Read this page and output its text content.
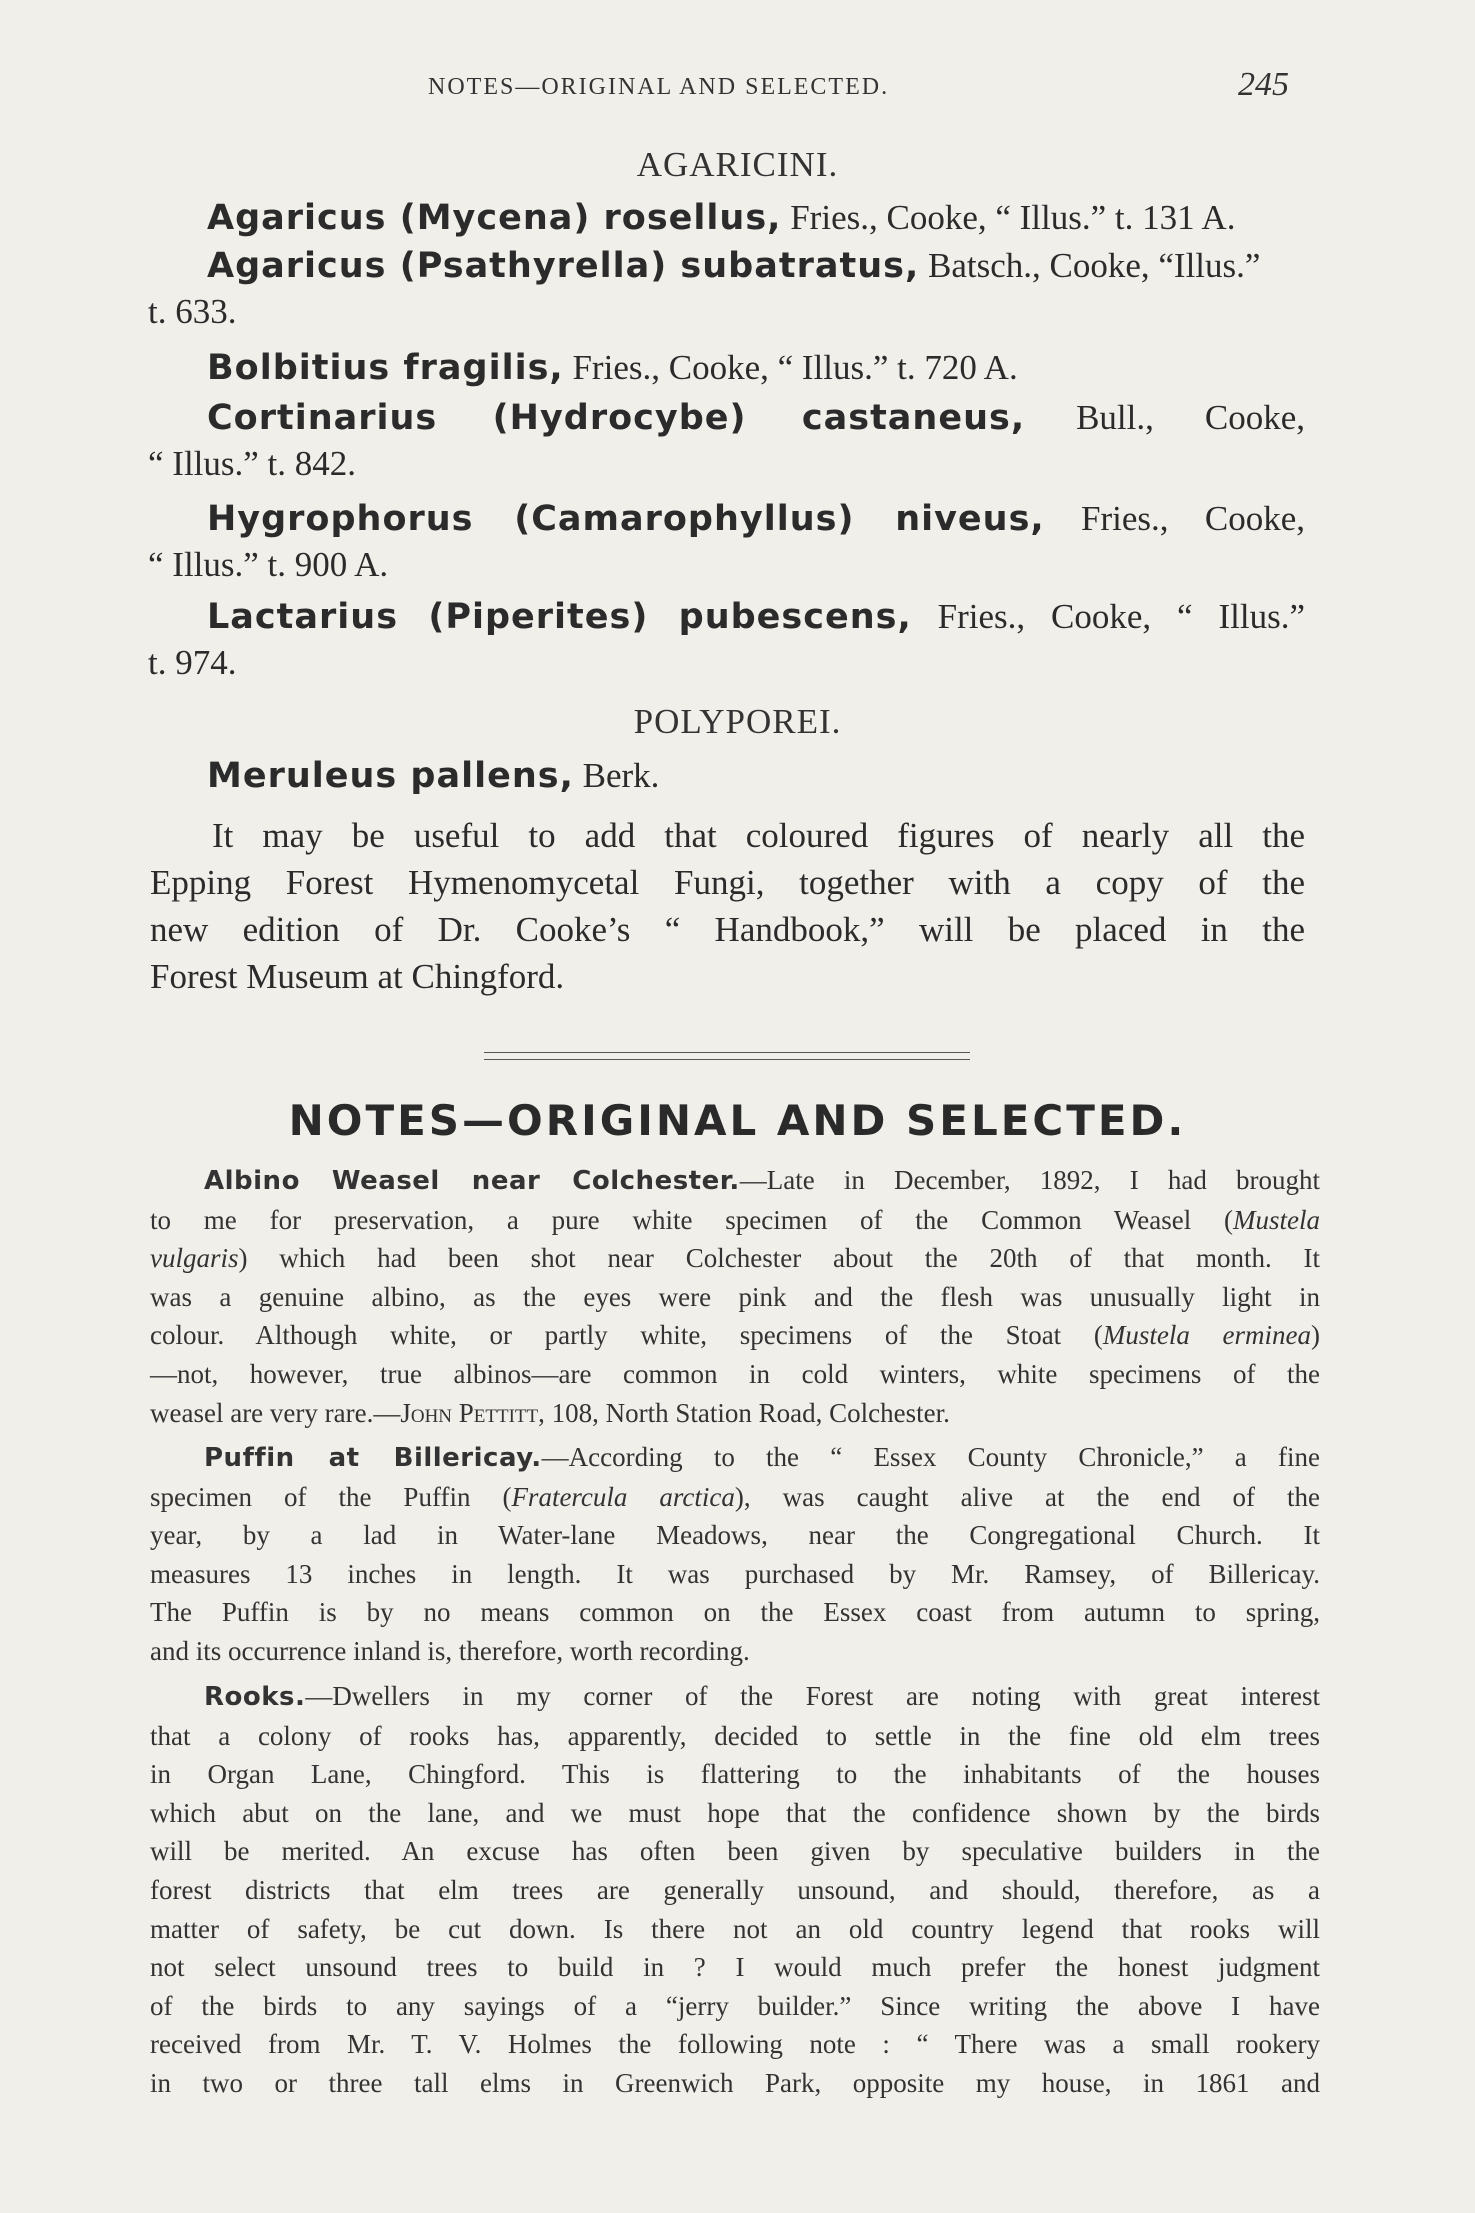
NOTES—ORIGINAL AND SELECTED.	245
AGARICINI.
Agaricus (Mycena) rosellus, Fries., Cooke, “ Illus.” t. 131 A.
Agaricus (Psathyrella) subatratus, Batsch., Cooke, “Illus.”
t. 633.
Bolbitius fragilis, Fries., Cooke, “ Illus.” t. 720 A.
Cortinarius (Hydrocybe) castaneus, Bull., Cooke,
“ Illus.” t. 842.
Hygrophorus (Camarophyllus) niveus, Fries., Cooke,
“ Illus.” t. 900 A.
Lactarius (Piperites) pubescens, Fries., Cooke, “ Illus.”
t. 974.
POLYPOREI.
Meruleus pallens, Berk.
It may be useful to add that coloured figures of nearly all the
Epping Forest Hymenomycetal Fungi, together with a copy of the
new edition of Dr. Cooke’s “ Handbook,” will be placed in the
Forest Museum at Chingford.
NOTES—ORIGINAL AND SELECTED.
Albino Weasel near Colchester.—Late in December, 1892, I had brought
to me for preservation, a pure white specimen of the Common Weasel (Mustela
vulgaris) which had been shot near Colchester about the 20th of that month. It
was a genuine albino, as the eyes were pink and the flesh was unusually light in
colour. Although white, or partly white, specimens of the Stoat (Mustela erminea)
—not, however, true albinos—are common in cold winters, white specimens of the
weasel are very rare.—John Pettitt, 108, North Station Road, Colchester.
Puffin at Billericay.—According to the “ Essex County Chronicle,” a fine
specimen of the Puffin (Fratercula arctica), was caught alive at the end of the
year, by a lad in Water-lane Meadows, near the Congregational Church. It
measures 13 inches in length. It was purchased by Mr. Ramsey, of Billericay.
The Puffin is by no means common on the Essex coast from autumn to spring,
and its occurrence inland is, therefore, worth recording.
Rooks.—Dwellers in my corner of the Forest are noting with great interest
that a colony of rooks has, apparently, decided to settle in the fine old elm trees
in Organ Lane, Chingford. This is flattering to the inhabitants of the houses
which abut on the lane, and we must hope that the confidence shown by the birds
will be merited. An excuse has often been given by speculative builders in the
forest districts that elm trees are generally unsound, and should, therefore, as a
matter of safety, be cut down. Is there not an old country legend that rooks will
not select unsound trees to build in ? I would much prefer the honest judgment
of the birds to any sayings of a “jerry builder.” Since writing the above I have
received from Mr. T. V. Holmes the following note : “ There was a small rookery
in two or three tall elms in Greenwich Park, opposite my house, in 1861 and
